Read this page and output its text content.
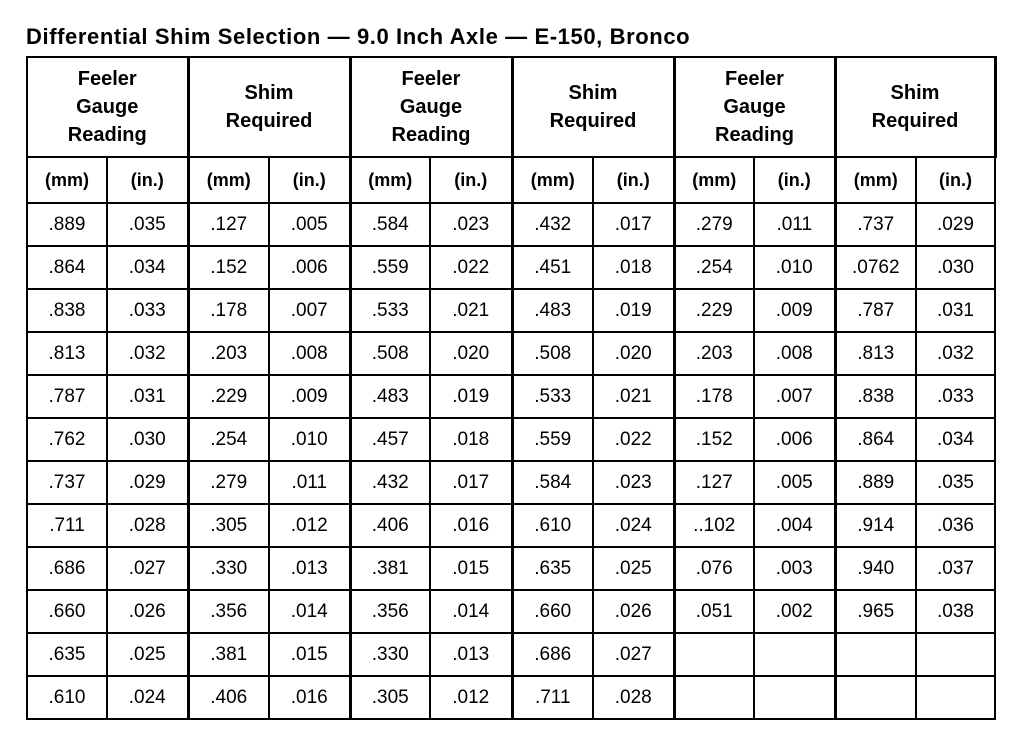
Differential Shim Selection — 9.0 Inch Axle — E-150, Bronco
Feeler
Gauge
Reading		Shim
Required		Feeler
Gauge
Reading		Shim
Required		Feeler
Gauge
Reading		Shim
Required	
(mm)	(in.)	(mm)	(in.)	(mm)	(in.)	(mm)	(in.)	(mm)	(in.)	(mm)	(in.)
.889	.035	.127	.005	.584	.023	.432	.017	.279	.011	.737	.029
.864	.034	.152	.006	.559	.022	.451	.018	.254	.010	.0762	.030
.838	.033	.178	.007	.533	.021	.483	.019	.229	.009	.787	.031
.813	.032	.203	.008	.508	.020	.508	.020	.203	.008	.813	.032
.787	.031	.229	.009	.483	.019	.533	.021	.178	.007	.838	.033
.762	.030	.254	.010	.457	.018	.559	.022	.152	.006	.864	.034
.737	.029	.279	.011	.432	.017	.584	.023	.127	.005	.889	.035
.711	.028	.305	.012	.406	.016	.610	.024	..102	.004	.914	.036
.686	.027	.330	.013	.381	.015	.635	.025	.076	.003	.940	.037
.660	.026	.356	.014	.356	.014	.660	.026	.051	.002	.965	.038
.635	.025	.381	.015	.330	.013	.686	.027				
.610	.024	.406	.016	.305	.012	.711	.028				
